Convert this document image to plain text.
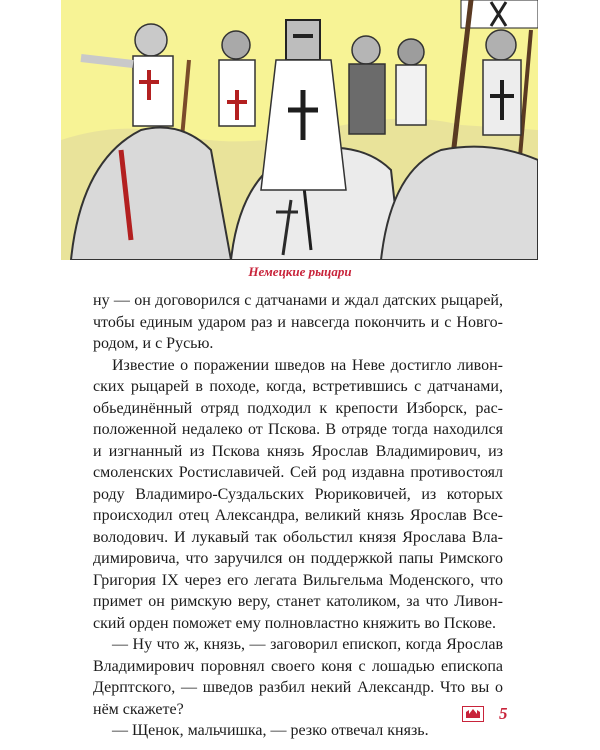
Немецкие рыцари

ну — он договорился с датчанами и ждал датских рыцарей,

чтобы единым ударом раз и навсегда покончить и с Новго-

родом, и с Русью.

Известие о поражении шведов на Неве достигло ливон-

ских рыцарей в походе, когда, встретившись с датчанами,

обьединённый отряд подходил к крепости Изборск, рас-

положенной недалеко от Пскова. В отряде тогда находился

и изгнанный из Пскова князь Ярослав Владимирович, из

смоленских Ростиславичей. Сей род издавна противостоял

роду Владимиро-Суздальских Рюриковичей, из которых

происходил отец Александра, великий князь Ярослав Все-

володович. И лукавый так обольстил князя Ярослава Вла-

димировича, что заручился он поддержкой папы Римского

Григория IX через его легата Вильгельма Моденского, что

примет он римскую веру, станет католиком, за что Ливон-

ский орден поможет ему полновластно княжить во Пскове.

— Ну что ж, князь, — заговорил епископ, когда Ярослав

Владимирович поровнял своего коня с лошадью епископа

Дерптского, — шведов разбил некий Александр. Что вы о

нём скажете?

— Щенок, мальчишка, — резко отвечал князь.

5
